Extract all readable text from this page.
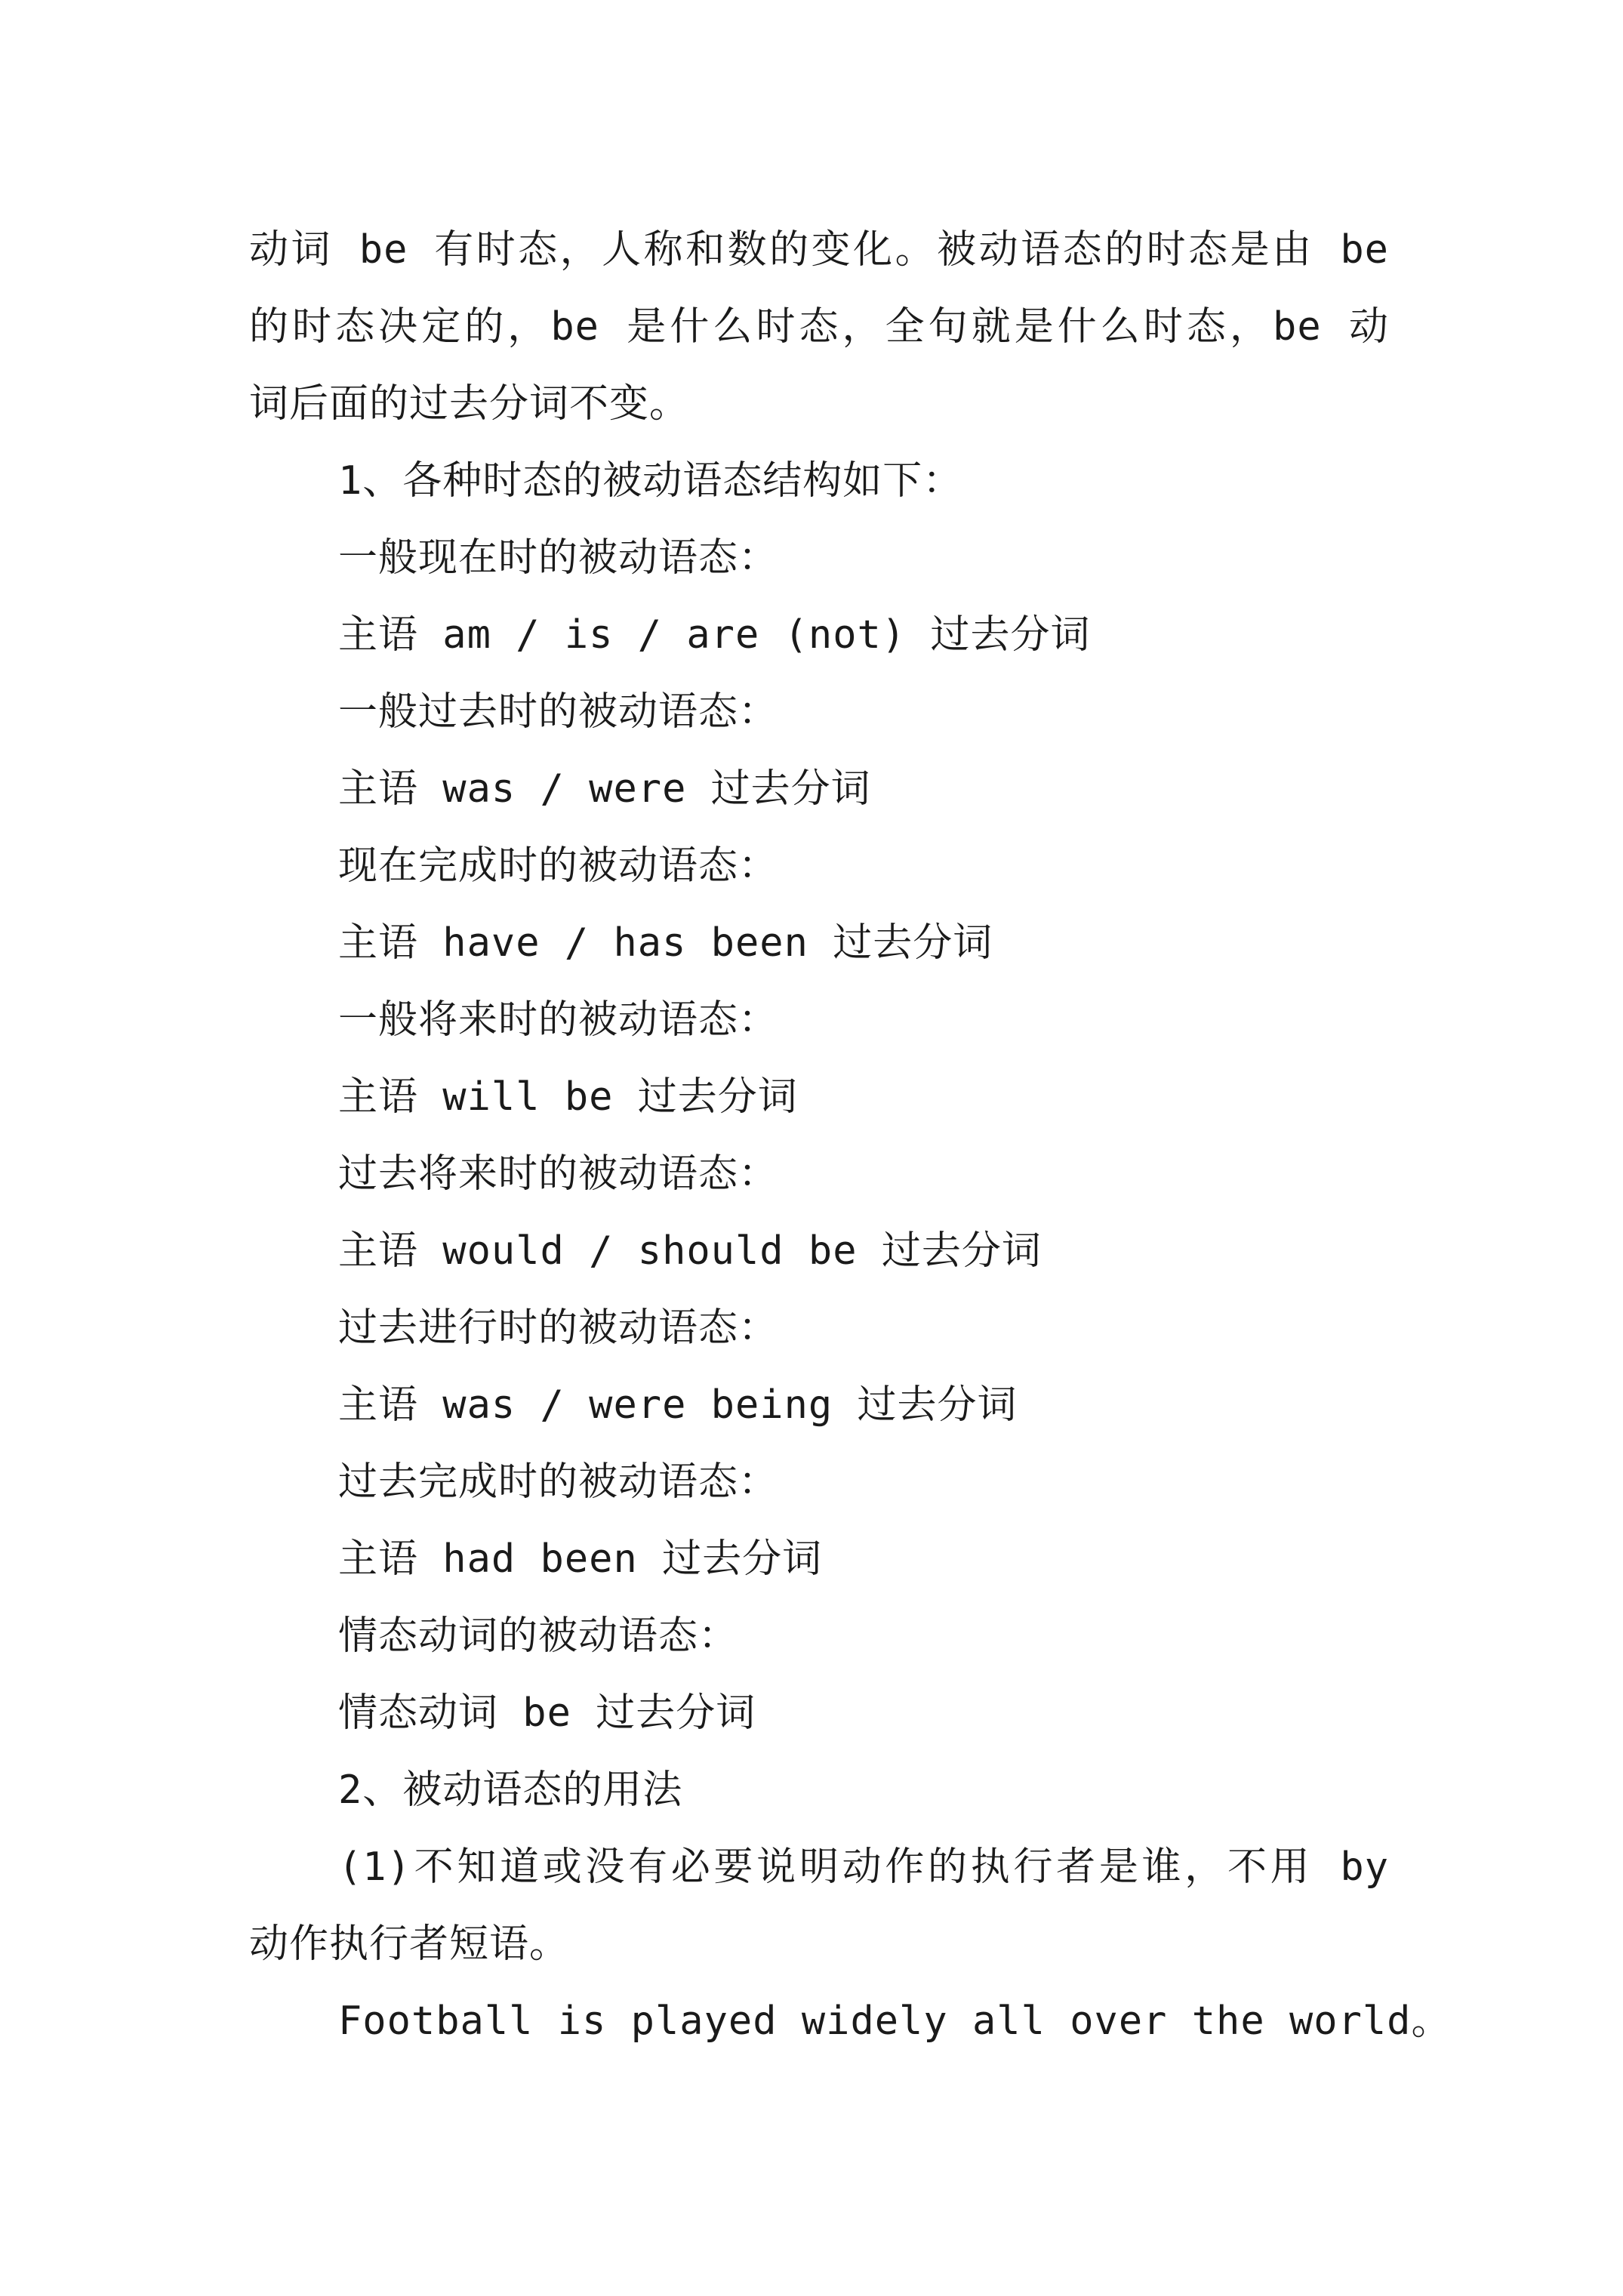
动词 be 有时态，人称和数的变化。被动语态的时态是由 be
的时态决定的，be 是什么时态，全句就是什么时态，be 动
词后面的过去分词不变。
1、各种时态的被动语态结构如下：
一般现在时的被动语态：
主语 am / is / are (not) 过去分词
一般过去时的被动语态：
主语 was / were 过去分词
现在完成时的被动语态：
主语 have / has been 过去分词
一般将来时的被动语态：
主语 will be 过去分词
过去将来时的被动语态：
主语 would / should be 过去分词
过去进行时的被动语态：
主语 was / were being 过去分词
过去完成时的被动语态：
主语 had been 过去分词
情态动词的被动语态：
情态动词 be 过去分词
2、被动语态的用法
(1)不知道或没有必要说明动作的执行者是谁，不用 by
动作执行者短语。
Football is played widely all over the world。
